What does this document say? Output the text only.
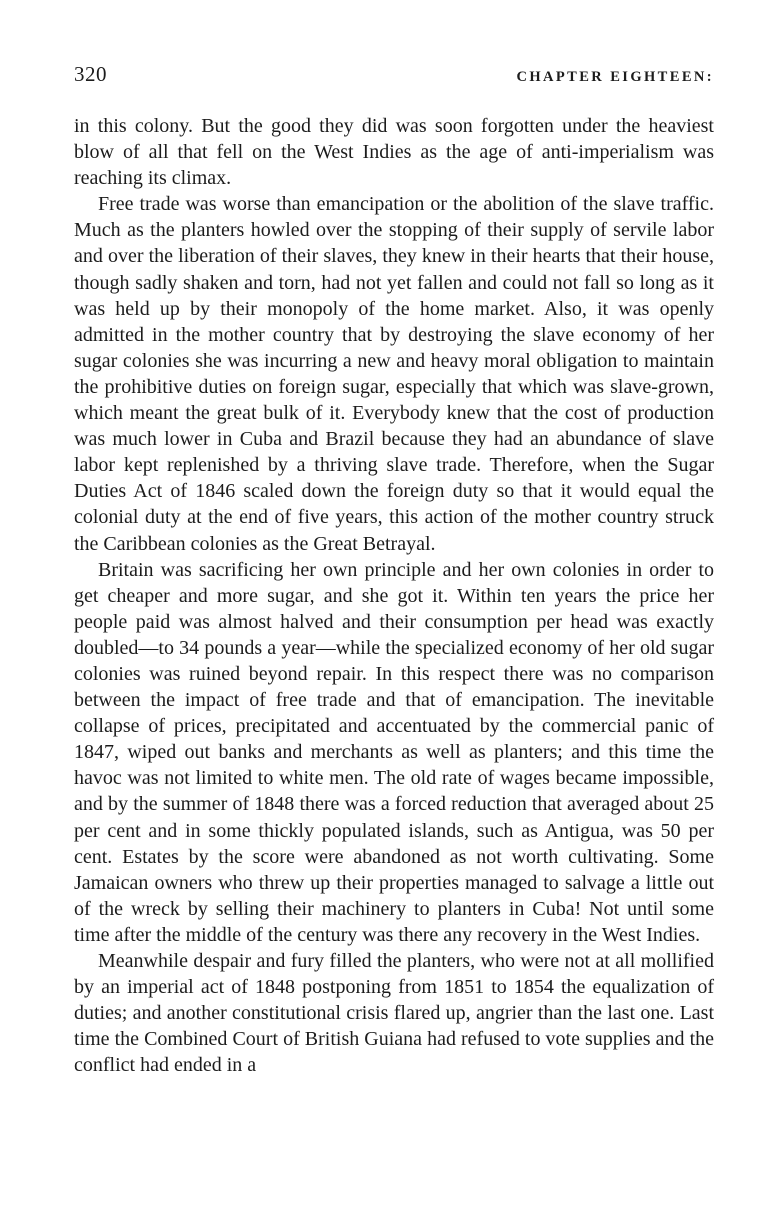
320	CHAPTER EIGHTEEN:

in this colony. But the good they did was soon forgotten under the heaviest blow of all that fell on the West Indies as the age of anti-imperialism was reaching its climax.

Free trade was worse than emancipation or the abolition of the slave traffic. Much as the planters howled over the stopping of their supply of servile labor and over the liberation of their slaves, they knew in their hearts that their house, though sadly shaken and torn, had not yet fallen and could not fall so long as it was held up by their monopoly of the home market. Also, it was openly admitted in the mother country that by destroying the slave economy of her sugar colonies she was incurring a new and heavy moral obligation to maintain the prohibitive duties on foreign sugar, especially that which was slave-grown, which meant the great bulk of it. Everybody knew that the cost of production was much lower in Cuba and Brazil because they had an abundance of slave labor kept replenished by a thriving slave trade. Therefore, when the Sugar Duties Act of 1846 scaled down the foreign duty so that it would equal the colonial duty at the end of five years, this action of the mother country struck the Caribbean colonies as the Great Betrayal.

Britain was sacrificing her own principle and her own colonies in order to get cheaper and more sugar, and she got it. Within ten years the price her people paid was almost halved and their consumption per head was exactly doubled—to 34 pounds a year—while the specialized economy of her old sugar colonies was ruined beyond repair. In this respect there was no comparison between the impact of free trade and that of emancipation. The inevitable collapse of prices, precipitated and accentuated by the commercial panic of 1847, wiped out banks and merchants as well as planters; and this time the havoc was not limited to white men. The old rate of wages became impossible, and by the summer of 1848 there was a forced reduction that averaged about 25 per cent and in some thickly populated islands, such as Antigua, was 50 per cent. Estates by the score were abandoned as not worth cultivating. Some Jamaican owners who threw up their properties managed to salvage a little out of the wreck by selling their machinery to planters in Cuba! Not until some time after the middle of the century was there any recovery in the West Indies.

Meanwhile despair and fury filled the planters, who were not at all mollified by an imperial act of 1848 postponing from 1851 to 1854 the equalization of duties; and another constitutional crisis flared up, angrier than the last one. Last time the Combined Court of British Guiana had refused to vote supplies and the conflict had ended in a
